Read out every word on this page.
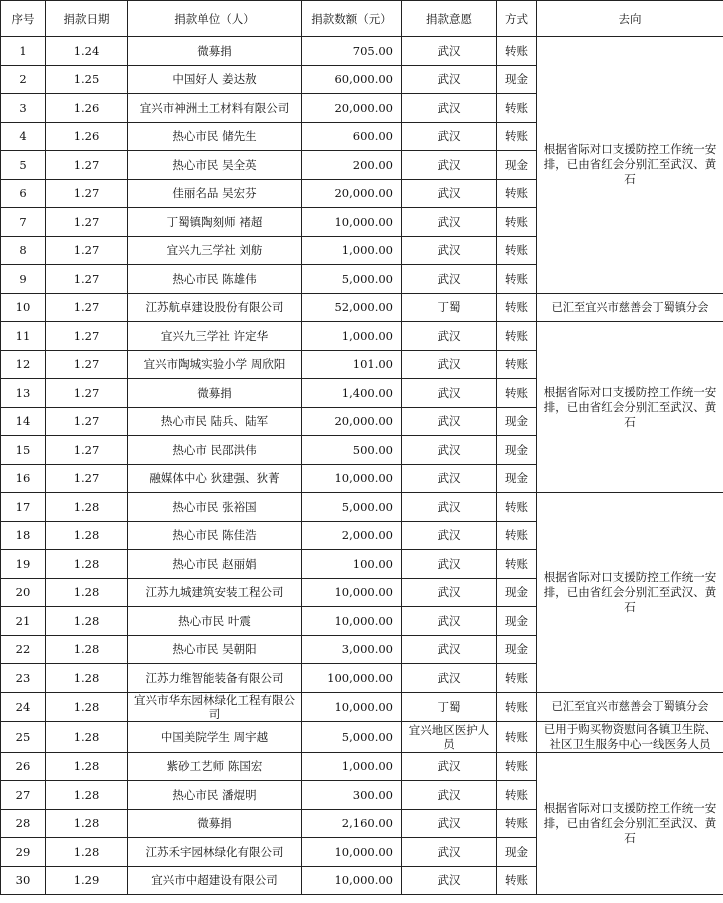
序号	捐款日期	捐款单位（人）	捐款数额（元）	捐款意愿	方式	去向
1	1.24	微募捐	705.00	武汉	转账	根据省际对口支援防控工作统一安排，已由省红会分别汇至武汉、黄石
2	1.25	中国好人 姜达敖	60,000.00	武汉	现金	
3	1.26	宜兴市神洲土工材料有限公司	20,000.00	武汉	转账	
4	1.26	热心市民 储先生	600.00	武汉	转账	
5	1.27	热心市民 吴全英	200.00	武汉	现金	
6	1.27	佳丽名品 吴宏芬	20,000.00	武汉	转账	
7	1.27	丁蜀镇陶刻师 褚超	10,000.00	武汉	转账	
8	1.27	宜兴九三学社 刘舫	1,000.00	武汉	转账	
9	1.27	热心市民 陈雄伟	5,000.00	武汉	转账	
10	1.27	江苏航卓建设股份有限公司	52,000.00	丁蜀	转账	已汇至宜兴市慈善会丁蜀镇分会
11	1.27	宜兴九三学社 许定华	1,000.00	武汉	转账	根据省际对口支援防控工作统一安排，已由省红会分别汇至武汉、黄石
12	1.27	宜兴市陶城实验小学 周欣阳	101.00	武汉	转账	
13	1.27	微募捐	1,400.00	武汉	转账	
14	1.27	热心市民 陆兵、陆军	20,000.00	武汉	现金	
15	1.27	热心市 民邵洪伟	500.00	武汉	现金	
16	1.27	融媒体中心 狄建强、狄菁	10,000.00	武汉	现金	
17	1.28	热心市民 张裕国	5,000.00	武汉	转账	根据省际对口支援防控工作统一安排，已由省红会分别汇至武汉、黄石
18	1.28	热心市民 陈佳浩	2,000.00	武汉	转账	
19	1.28	热心市民 赵丽娟	100.00	武汉	转账	
20	1.28	江苏九城建筑安装工程公司	10,000.00	武汉	现金	
21	1.28	热心市民 叶震	10,000.00	武汉	现金	
22	1.28	热心市民 吴朝阳	3,000.00	武汉	现金	
23	1.28	江苏力维智能装备有限公司	100,000.00	武汉	转账	
24	1.28	宜兴市华东园林绿化工程有限公司	10,000.00	丁蜀	转账	已汇至宜兴市慈善会丁蜀镇分会
25	1.28	中国美院学生 周宇越	5,000.00	宜兴地区医护人员	转账	已用于购买物资慰问各镇卫生院、社区卫生服务中心一线医务人员
26	1.28	紫砂工艺师 陈国宏	1,000.00	武汉	转账	根据省际对口支援防控工作统一安排，已由省红会分别汇至武汉、黄石
27	1.28	热心市民 潘焜明	300.00	武汉	转账	
28	1.28	微募捐	2,160.00	武汉	转账	
29	1.28	江苏禾宇园林绿化有限公司	10,000.00	武汉	现金	
30	1.29	宜兴市中超建设有限公司	10,000.00	武汉	转账	
